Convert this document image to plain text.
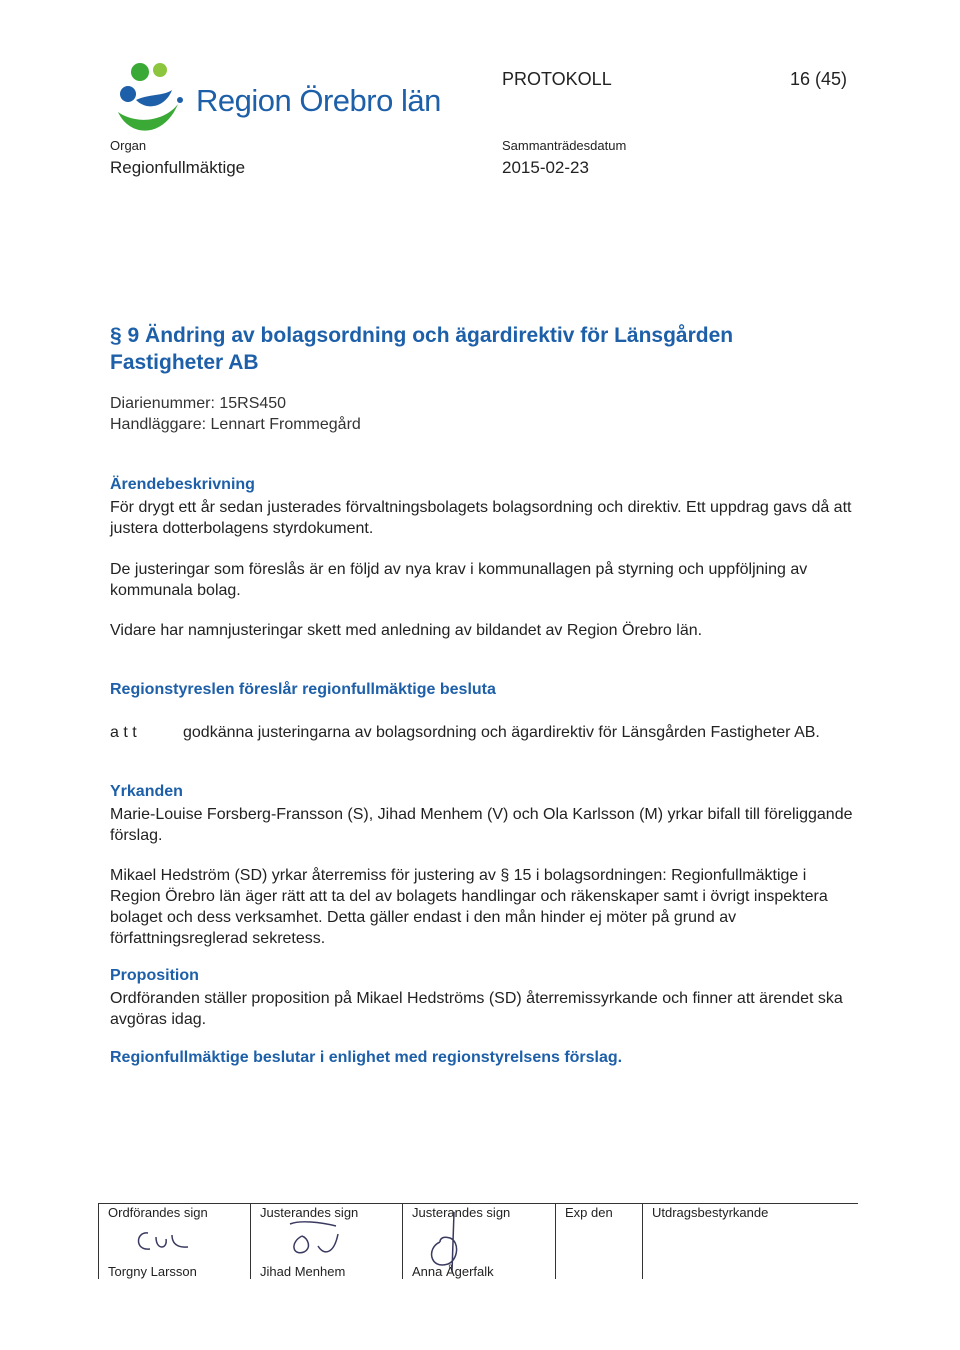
Region Örebro län
PROTOKOLL	16 (45)
Organ
Regionfullmäktige
Sammanträdesdatum
2015-02-23
§ 9 Ändring av bolagsordning och ägardirektiv för Länsgården Fastigheter AB
Diarienummer: 15RS450
Handläggare: Lennart Frommegård
Ärendebeskrivning
För drygt ett år sedan justerades förvaltningsbolagets bolagsordning och direktiv. Ett uppdrag gavs då att justera dotterbolagens styrdokument.
De justeringar som föreslås är en följd av nya krav i kommunallagen på styrning och uppföljning av kommunala bolag.
Vidare har namnjusteringar skett med anledning av bildandet av Region Örebro län.
Regionstyreslen föreslår regionfullmäktige besluta
a t t	godkänna justeringarna av bolagsordning och ägardirektiv för Länsgården Fastigheter AB.
Yrkanden
Marie-Louise Forsberg-Fransson (S), Jihad Menhem (V) och Ola Karlsson (M) yrkar bifall till föreliggande förslag.
Mikael Hedström (SD) yrkar återremiss för justering av § 15 i bolagsordningen: Regionfullmäktige i Region Örebro län äger rätt att ta del av bolagets handlingar och räkenskaper samt i övrigt inspektera bolaget och dess verksamhet. Detta gäller endast i den mån hinder ej möter på grund av författningsreglerad sekretess.
Proposition
Ordföranden ställer proposition på Mikael Hedströms (SD) återremissyrkande och finner att ärendet ska avgöras idag.
Regionfullmäktige beslutar i enlighet med regionstyrelsens förslag.
Ordförandes sign	Justerandes sign	Justerandes sign	Exp den	Utdragsbestyrkande
Torgny Larsson	Jihad Menhem	Anna Ågerfalk
